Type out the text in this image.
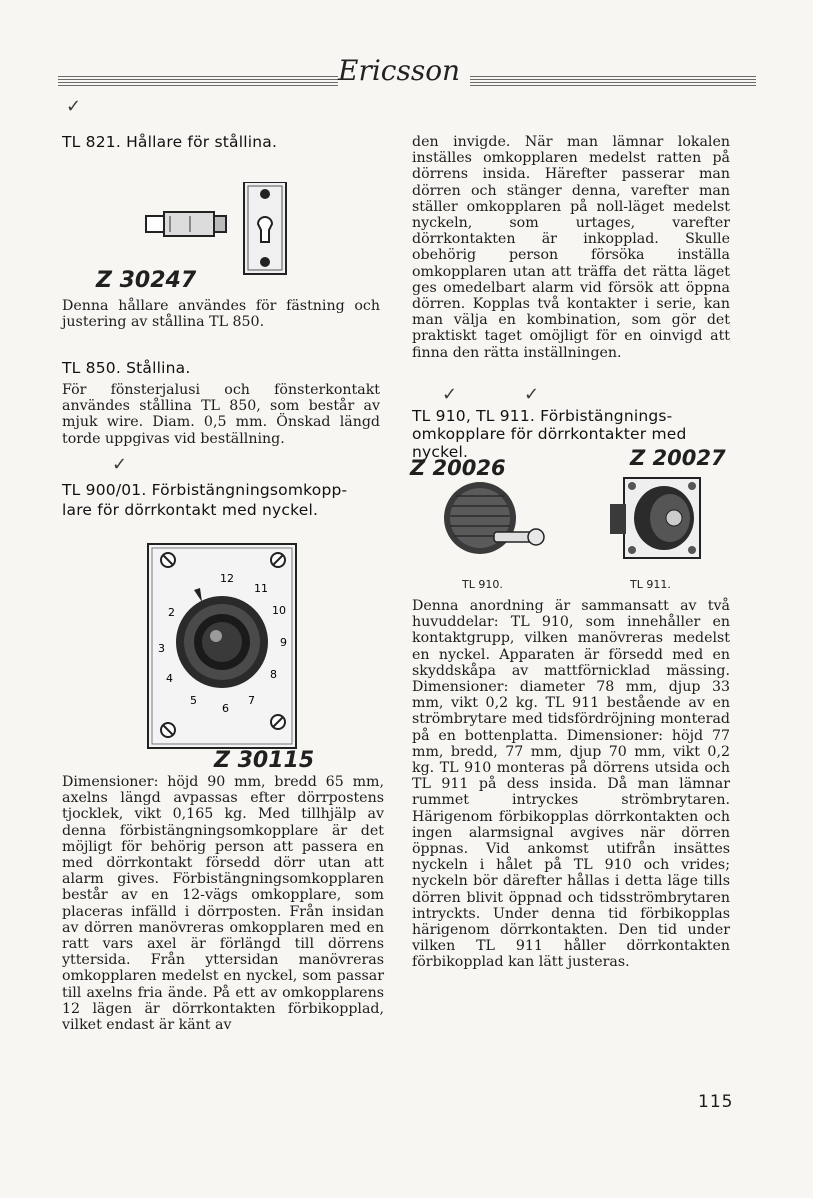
Ericsson
✓
TL 821. Hållare för stållina.
Z 30247

Denna hållare användes för fästning och justering av stållina TL 850.

TL 850. Stållina.

För fönsterjalusi och fönsterkontakt användes stållina TL 850, som består av mjuk wire. Diam. 0,5 mm. Önskad längd torde uppgivas vid beställning.

✓
TL 900/01. Förbistängningsomkopp-
lare för dörrkontakt med nyckel.
12
11
10
9
8
7
6
5
4
3
2
Z 30115

Dimensioner: höjd 90 mm, bredd 65 mm, axelns längd avpassas efter dörrpostens tjocklek, vikt 0,165 kg. Med tillhjälp av denna förbistängningsomkopplare är det möjligt för behörig person att passera en med dörrkontakt försedd dörr utan att alarm gives. Förbistängningsomkopplaren består av en 12-vägs omkopplare, som placeras infälld i dörrposten. Från insidan av dörren manövreras omkopplaren med en ratt vars axel är förlängd till dörrens yttersida. Från yttersidan manövreras omkopplaren medelst en nyckel, som passar till axelns fria ände. På ett av omkopplarens 12 lägen är dörrkontakten förbikopplad, vilket endast är känt av

den invigde. När man lämnar lokalen inställes omkopplaren medelst ratten på dörrens insida. Härefter passerar man dörren och stänger denna, varefter man ställer omkopplaren på noll-läget medelst nyckeln, som urtages, varefter dörrkontakten är inkopplad. Skulle obehörig person försöka inställa omkopplaren utan att träffa det rätta läget ges omedelbart alarm vid försök att öppna dörren. Kopplas två kontakter i serie, kan man välja en kombination, som gör det praktiskt taget omöjligt för en oinvigd att finna den rätta inställningen.

✓	✓
TL 910, TL 911. Förbistängnings-
omkopplare för dörrkontakter med
nyckel.
Z 20026	Z 20027
TL 910.	TL 911.

Denna anordning är sammansatt av två huvuddelar: TL 910, som innehåller en kontaktgrupp, vilken manövreras medelst en nyckel. Apparaten är försedd med en skyddskåpa av mattförnicklad mässing. Dimensioner: diameter 78 mm, djup 33 mm, vikt 0,2 kg. TL 911 bestående av en strömbrytare med tidsfördröjning monterad på en bottenplatta. Dimensioner: höjd 77 mm, bredd, 77 mm, djup 70 mm, vikt 0,2 kg. TL 910 monteras på dörrens utsida och TL 911 på dess insida. Då man lämnar rummet intryckes strömbrytaren. Härigenom förbikopplas dörrkontakten och ingen alarmsignal avgives när dörren öppnas. Vid ankomst utifrån insättes nyckeln i hålet på TL 910 och vrides; nyckeln bör därefter hållas i detta läge tills dörren blivit öppnad och tidsströmbrytaren intryckts. Under denna tid förbikopplas härigenom dörrkontakten. Den tid under vilken TL 911 håller dörrkontakten förbikopplad kan lätt justeras.

115
